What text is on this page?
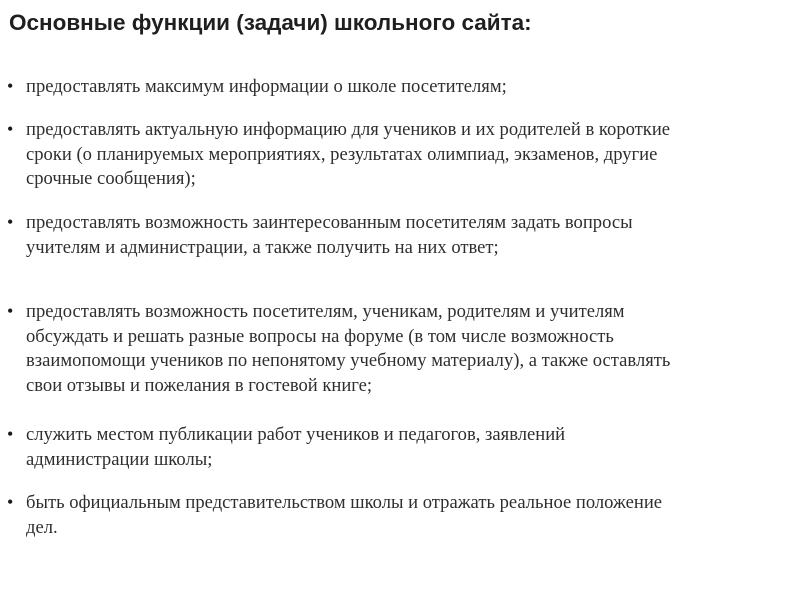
Основные функции (задачи) школьного сайта:
• предоставлять максимум информации о школе посетителям;
• предоставлять актуальную информацию для учеников и их родителей в короткие
сроки (о планируемых мероприятиях, результатах олимпиад, экзаменов, другие
срочные сообщения);
• предоставлять возможность заинтересованным посетителям задать вопросы
учителям и администрации, а также получить на них ответ;
• предоставлять возможность посетителям, ученикам, родителям и учителям
обсуждать и решать разные вопросы на форуме (в том числе возможность
взаимопомощи учеников по непонятому учебному материалу), а также оставлять
свои отзывы и пожелания в гостевой книге;
• служить местом публикации работ учеников и педагогов, заявлений
администрации школы;
• быть официальным представительством школы и отражать реальное положение
дел.
